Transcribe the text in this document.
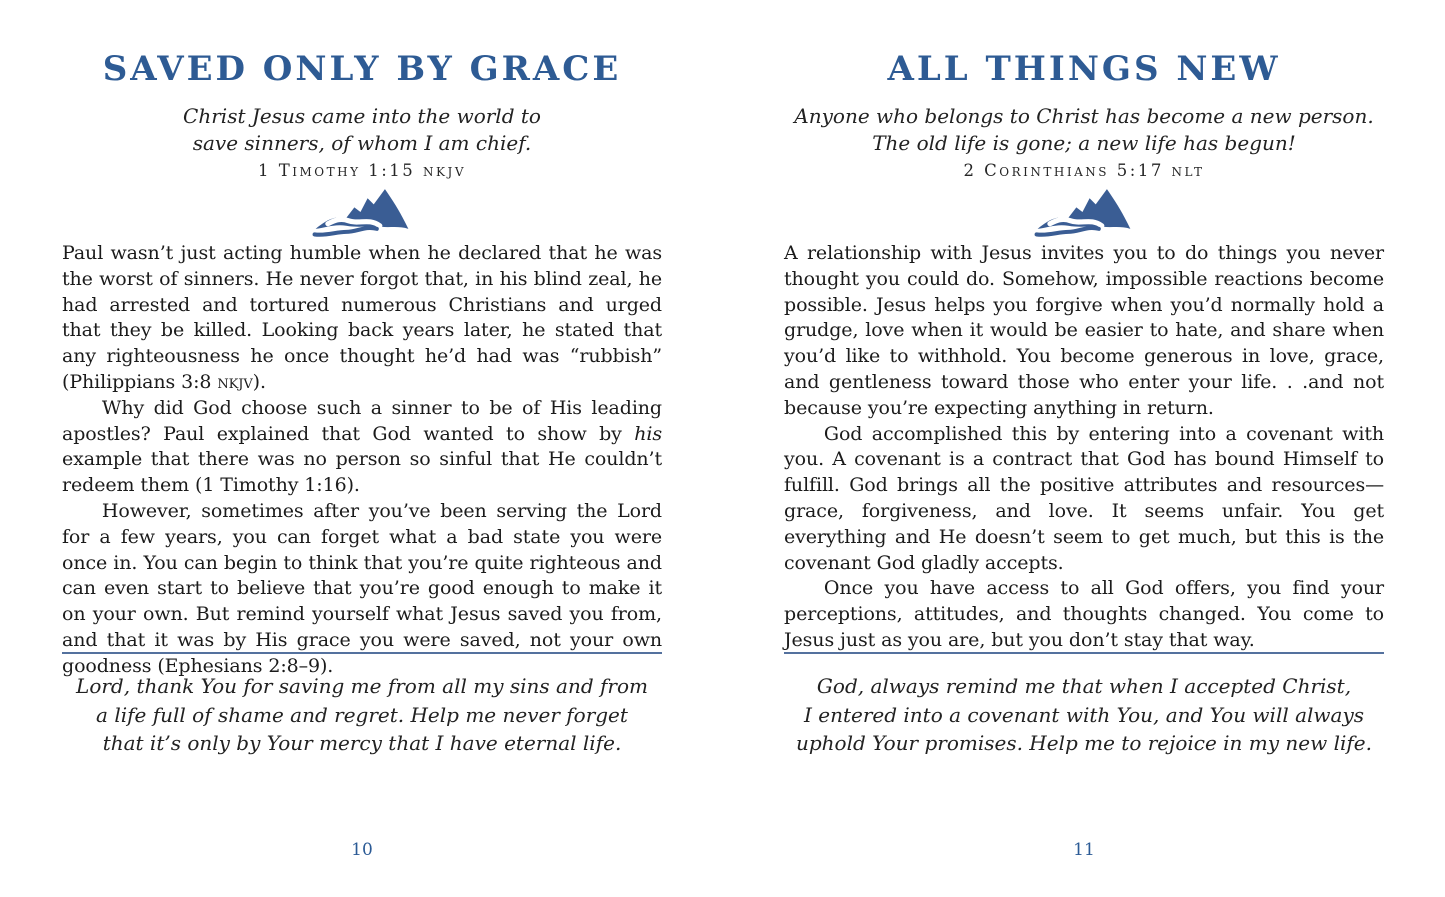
SAVED ONLY BY GRACE

Christ Jesus came into the world to
save sinners, of whom I am chief.

1 Timothy 1:15 nkjv

Paul wasn’t just acting humble when he declared that he was the worst of sinners. He never forgot that, in his blind zeal, he had arrested and tortured numerous Christians and urged that they be killed. Looking back years later, he stated that any righteousness he once thought he’d had was “rubbish” (Philippians 3:8 nkjv).

Why did God choose such a sinner to be of His leading apostles? Paul explained that God wanted to show by his example that there was no person so sinful that He couldn’t redeem them (1 Timothy 1:16).

However, sometimes after you’ve been serving the Lord for a few years, you can forget what a bad state you were once in. You can begin to think that you’re quite righteous and can even start to believe that you’re good enough to make it on your own. But remind yourself what Jesus saved you from, and that it was by His grace you were saved, not your own goodness (Ephesians 2:8–9).

Lord, thank You for saving me from all my sins and from
a life full of shame and regret. Help me never forget
that it’s only by Your mercy that I have eternal life.

10
ALL THINGS NEW

Anyone who belongs to Christ has become a new person.
The old life is gone; a new life has begun!

2 Corinthians 5:17 nlt

A relationship with Jesus invites you to do things you never thought you could do. Somehow, impossible reactions become possible. Jesus helps you forgive when you’d normally hold a grudge, love when it would be easier to hate, and share when you’d like to withhold. You become generous in love, grace, and gentleness toward those who enter your life. . .and not because you’re expecting anything in return.

God accomplished this by entering into a covenant with you. A covenant is a contract that God has bound Himself to fulfill. God brings all the positive attributes and resources—grace, forgiveness, and love. It seems unfair. You get everything and He doesn’t seem to get much, but this is the covenant God gladly accepts.

Once you have access to all God offers, you find your perceptions, attitudes, and thoughts changed. You come to Jesus just as you are, but you don’t stay that way.

God, always remind me that when I accepted Christ,
I entered into a covenant with You, and You will always
uphold Your promises. Help me to rejoice in my new life.

11
